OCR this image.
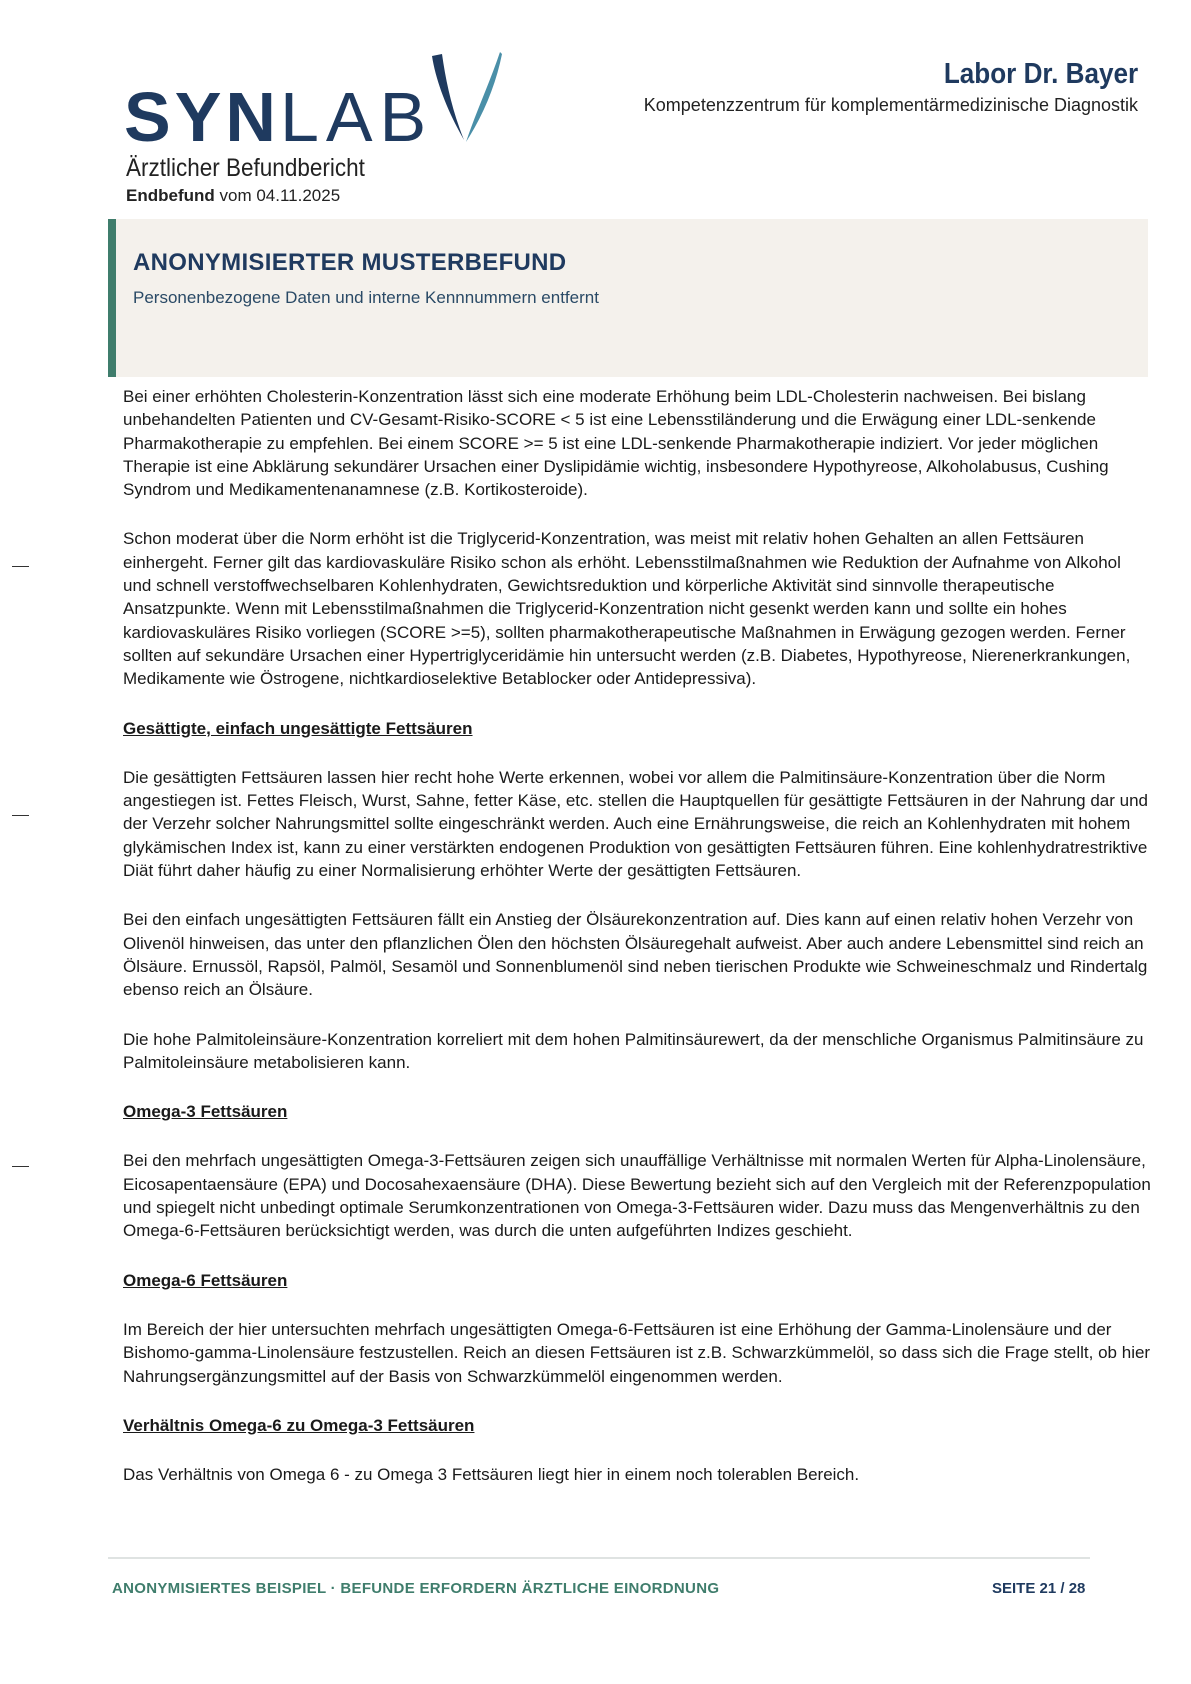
SYNLAB
Ärztlicher Befundbericht
Endbefund vom 04.11.2025
Labor Dr. Bayer
Kompetenzzentrum für komplementärmedizinische Diagnostik
ANONYMISIERTER MUSTERBEFUND
Personenbezogene Daten und interne Kennnummern entfernt

Bei einer erhöhten Cholesterin-Konzentration lässt sich eine moderate Erhöhung beim LDL-Cholesterin nachweisen. Bei bislang unbehandelten Patienten und CV-Gesamt-Risiko-SCORE < 5 ist eine Lebensstiländerung und die Erwägung einer LDL-senkende Pharmakotherapie zu empfehlen. Bei einem SCORE >= 5 ist eine LDL-senkende Pharmakotherapie indiziert. Vor jeder möglichen Therapie ist eine Abklärung sekundärer Ursachen einer Dyslipidämie wichtig, insbesondere Hypothyreose, Alkoholabusus, Cushing Syndrom und Medikamentenanamnese (z.B. Kortikosteroide).

Schon moderat über die Norm erhöht ist die Triglycerid-Konzentration, was meist mit relativ hohen Gehalten an allen Fettsäuren einhergeht. Ferner gilt das kardiovaskuläre Risiko schon als erhöht. Lebensstilmaßnahmen wie Reduktion der Aufnahme von Alkohol und schnell verstoffwechselbaren Kohlenhydraten, Gewichtsreduktion und körperliche Aktivität sind sinnvolle therapeutische Ansatzpunkte. Wenn mit Lebensstilmaßnahmen die Triglycerid-Konzentration nicht gesenkt werden kann und sollte ein hohes kardiovaskuläres Risiko vorliegen (SCORE >=5), sollten pharmakotherapeutische Maßnahmen in Erwägung gezogen werden. Ferner sollten auf sekundäre Ursachen einer Hypertriglyceridämie hin untersucht werden (z.B. Diabetes, Hypothyreose, Nierenerkrankungen, Medikamente wie Östrogene, nichtkardioselektive Betablocker oder Antidepressiva).

Gesättigte, einfach ungesättigte Fettsäuren

Die gesättigten Fettsäuren lassen hier recht hohe Werte erkennen, wobei vor allem die Palmitinsäure-Konzentration über die Norm angestiegen ist. Fettes Fleisch, Wurst, Sahne, fetter Käse, etc. stellen die Hauptquellen für gesättigte Fettsäuren in der Nahrung dar und der Verzehr solcher Nahrungsmittel sollte eingeschränkt werden. Auch eine Ernährungsweise, die reich an Kohlenhydraten mit hohem glykämischen Index ist, kann zu einer verstärkten endogenen Produktion von gesättigten Fettsäuren führen. Eine kohlenhydratrestriktive Diät führt daher häufig zu einer Normalisierung erhöhter Werte der gesättigten Fettsäuren.

Bei den einfach ungesättigten Fettsäuren fällt ein Anstieg der Ölsäurekonzentration auf. Dies kann auf einen relativ hohen Verzehr von Olivenöl hinweisen, das unter den pflanzlichen Ölen den höchsten Ölsäuregehalt aufweist. Aber auch andere Lebensmittel sind reich an Ölsäure. Ernussöl, Rapsöl, Palmöl, Sesamöl und Sonnenblumenöl sind neben tierischen Produkte wie Schweineschmalz und Rindertalg ebenso reich an Ölsäure.

Die hohe Palmitoleinsäure-Konzentration korreliert mit dem hohen Palmitinsäurewert, da der menschliche Organismus Palmitinsäure zu Palmitoleinsäure metabolisieren kann.

Omega-3 Fettsäuren

Bei den mehrfach ungesättigten Omega-3-Fettsäuren zeigen sich unauffällige Verhältnisse mit normalen Werten für Alpha-Linolensäure, Eicosapentaensäure (EPA) und Docosahexaensäure (DHA). Diese Bewertung bezieht sich auf den Vergleich mit der Referenzpopulation und spiegelt nicht unbedingt optimale Serumkonzentrationen von Omega-3-Fettsäuren wider. Dazu muss das Mengenverhältnis zu den Omega-6-Fettsäuren berücksichtigt werden, was durch die unten aufgeführten Indizes geschieht.

Omega-6 Fettsäuren

Im Bereich der hier untersuchten mehrfach ungesättigten Omega-6-Fettsäuren ist eine Erhöhung der Gamma-Linolensäure und der Bishomo-gamma-Linolensäure festzustellen. Reich an diesen Fettsäuren ist z.B. Schwarzkümmelöl, so dass sich die Frage stellt, ob hier Nahrungsergänzungsmittel auf der Basis von Schwarzkümmelöl eingenommen werden.

Verhältnis Omega-6 zu Omega-3 Fettsäuren

Das Verhältnis von Omega 6 - zu Omega 3 Fettsäuren liegt hier in einem noch tolerablen Bereich.

ANONYMISIERTES BEISPIEL · BEFUNDE ERFORDERN ÄRZTLICHE EINORDNUNG	SEITE 21 / 28
